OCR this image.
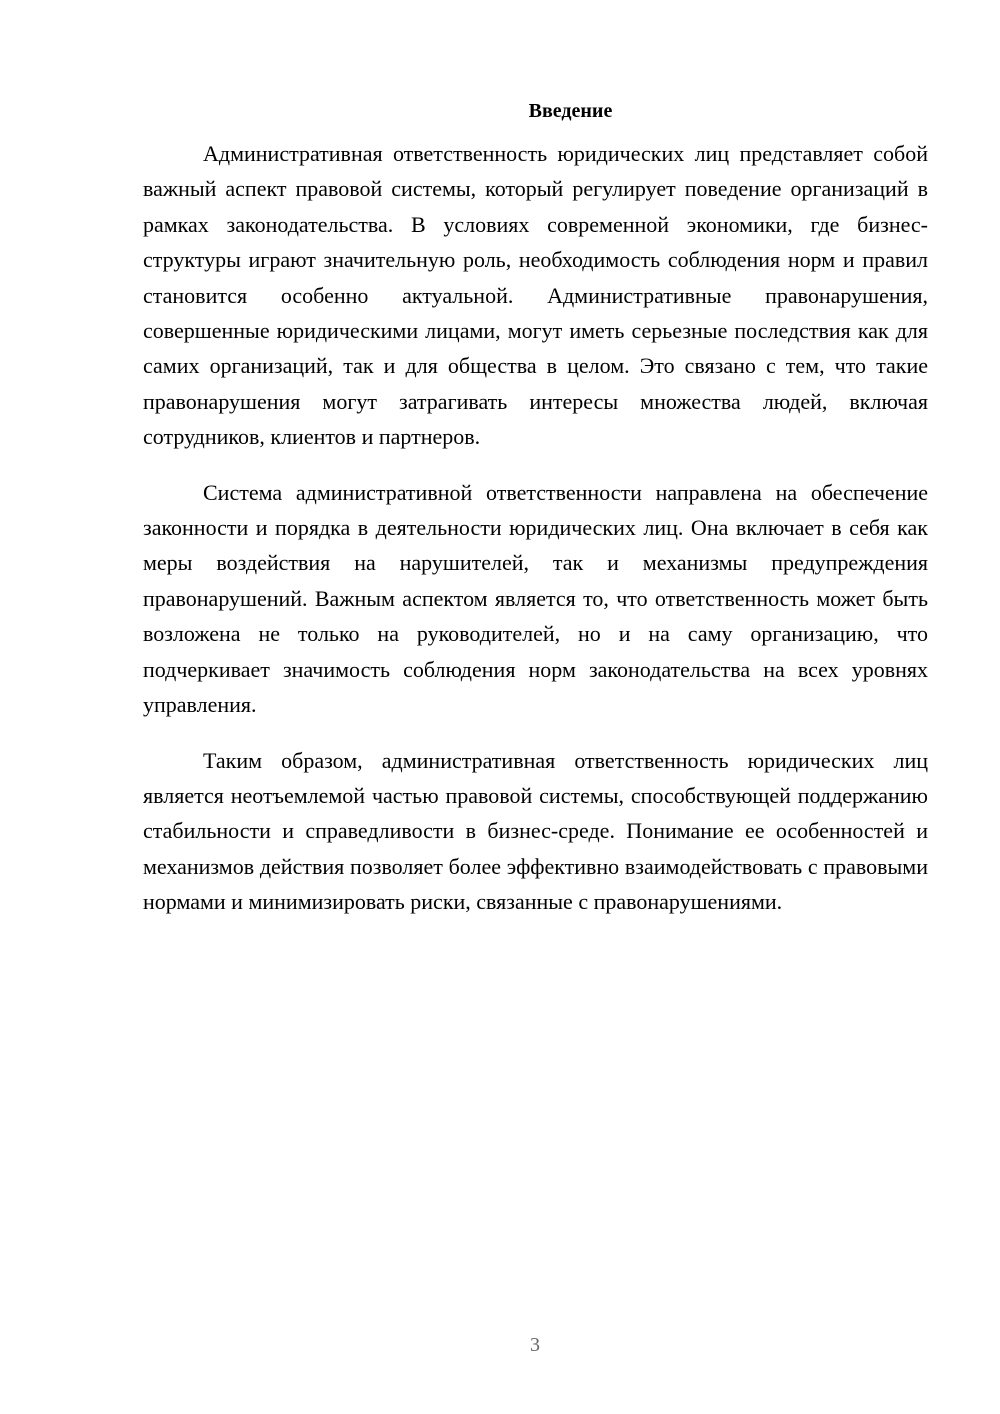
Введение

Административная ответственность юридических лиц представляет собой важный аспект правовой системы, который регулирует поведение организаций в рамках законодательства. В условиях современной экономики, где бизнес-структуры играют значительную роль, необходимость соблюдения норм и правил становится особенно актуальной. Административные правонарушения, совершенные юридическими лицами, могут иметь серьезные последствия как для самих организаций, так и для общества в целом. Это связано с тем, что такие правонарушения могут затрагивать интересы множества людей, включая сотрудников, клиентов и партнеров.

Система административной ответственности направлена на обеспечение законности и порядка в деятельности юридических лиц. Она включает в себя как меры воздействия на нарушителей, так и механизмы предупреждения правонарушений. Важным аспектом является то, что ответственность может быть возложена не только на руководителей, но и на саму организацию, что подчеркивает значимость соблюдения норм законодательства на всех уровнях управления.

Таким образом, административная ответственность юридических лиц является неотъемлемой частью правовой системы, способствующей поддержанию стабильности и справедливости в бизнес-среде. Понимание ее особенностей и механизмов действия позволяет более эффективно взаимодействовать с правовыми нормами и минимизировать риски, связанные с правонарушениями.

3
